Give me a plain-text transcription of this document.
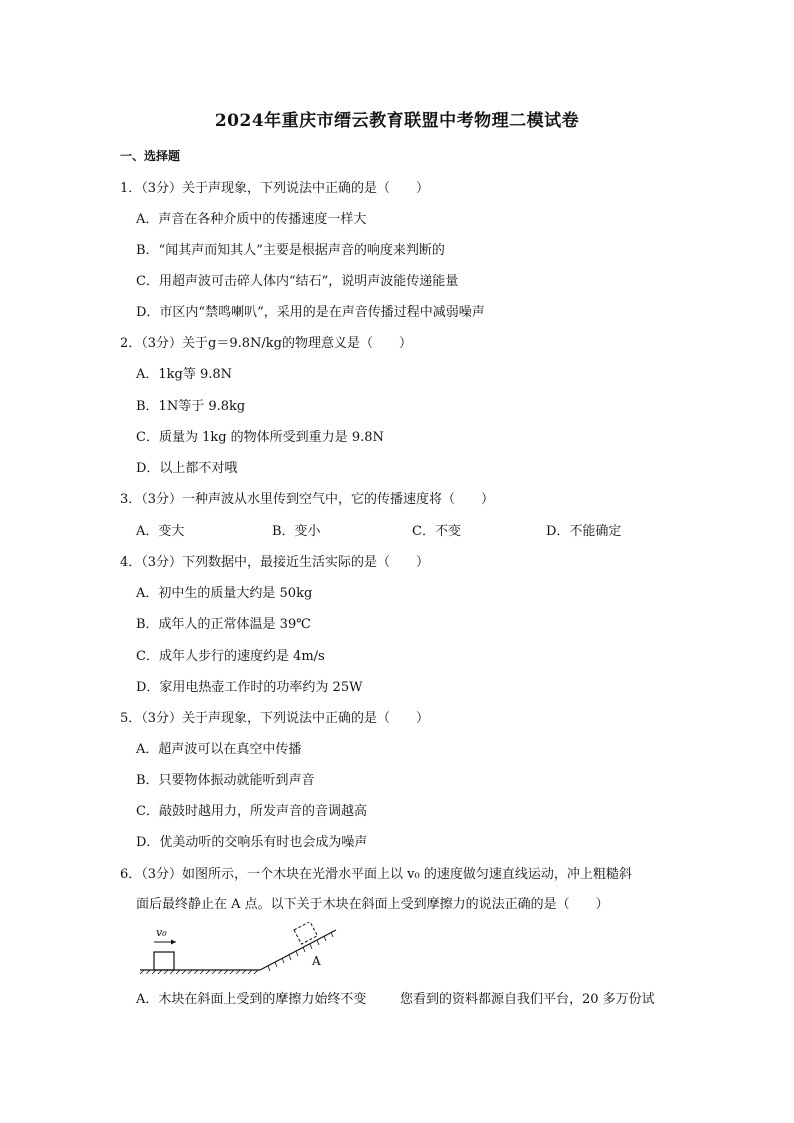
2024年重庆市缙云教育联盟中考物理二模试卷
一、选择题
1．（3分）关于声现象，下列说法中正确的是（　　）
A．声音在各种介质中的传播速度一样大
B．“闻其声而知其人”主要是根据声音的响度来判断的
C．用超声波可击碎人体内“结石”，说明声波能传递能量
D．市区内“禁鸣喇叭”，采用的是在声音传播过程中减弱噪声
2．（3分）关于g＝9.8N/kg的物理意义是（　　）
A．1kg等 9.8N
B．1N等于 9.8kg
C．质量为 1kg 的物体所受到重力是 9.8N
D．以上都不对哦
3．（3分）一种声波从水里传到空气中，它的传播速度将（　　）
A．变大	B．变小	C．不变	D．不能确定
4．（3分）下列数据中，最接近生活实际的是（　　）
A．初中生的质量大约是 50kg
B．成年人的正常体温是 39℃
C．成年人步行的速度约是 4m/s
D．家用电热壶工作时的功率约为 25W
5．（3分）关于声现象，下列说法中正确的是（　　）
A．超声波可以在真空中传播
B．只要物体振动就能听到声音
C．敲鼓时越用力，所发声音的音调越高
D．优美动听的交响乐有时也会成为噪声
6．（3分）如图所示，一个木块在光滑水平面上以 v₀ 的速度做匀速直线运动，冲上粗糙斜
面后最终静止在 A 点。以下关于木块在斜面上受到摩擦力的说法正确的是（　　）
v₀
A
A．木块在斜面上受到的摩擦力始终不变	您看到的资料都源自我们平台，20 多万份试
